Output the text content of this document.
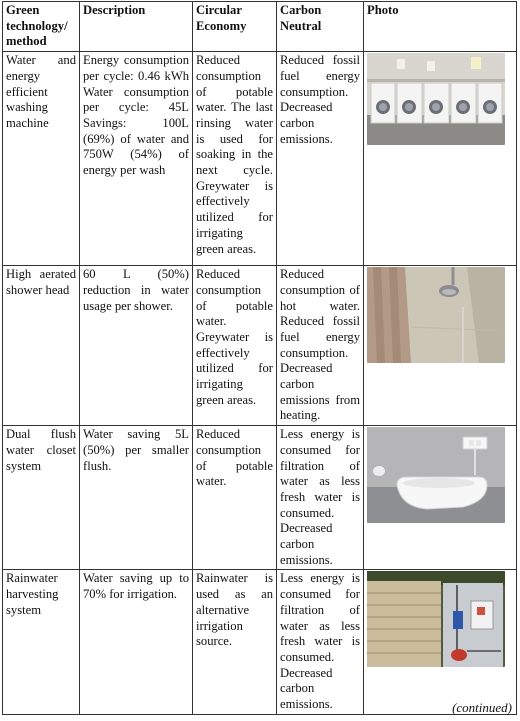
Green technology/ method	Description	Circular Economy	Carbon Neutral	Photo
Water and energy efficient washing machine	Energy consumption per cycle: 0.46 kWh Water consumption per cycle: 45L Savings: 100L (69%) of water and 750W (54%) of energy per wash	Reduced consumption of potable water. The last rinsing water is used for soaking in the next cycle. Greywater is effectively utilized for irrigating green areas.	Reduced fossil fuel energy consumption. Decreased carbon emissions.	

High aerated shower head	60 L (50%) reduction in water usage per shower.	Reduced consumption of potable water. Greywater is effectively utilized for irrigating green areas.	Reduced consumption of hot water. Reduced fossil fuel energy consumption. Decreased carbon emissions from heating.	

Dual flush water closet system	Water saving 5L (50%) per smaller flush.	Reduced consumption of potable water.	Less energy is consumed for filtration of water as less fresh water is consumed. Decreased carbon emissions.	

Rainwater harvesting system	Water saving up to 70% for irrigation.	Rainwater is used as an alternative irrigation source.	Less energy is consumed for filtration of water as less fresh water is consumed. Decreased carbon emissions.		(continued)
